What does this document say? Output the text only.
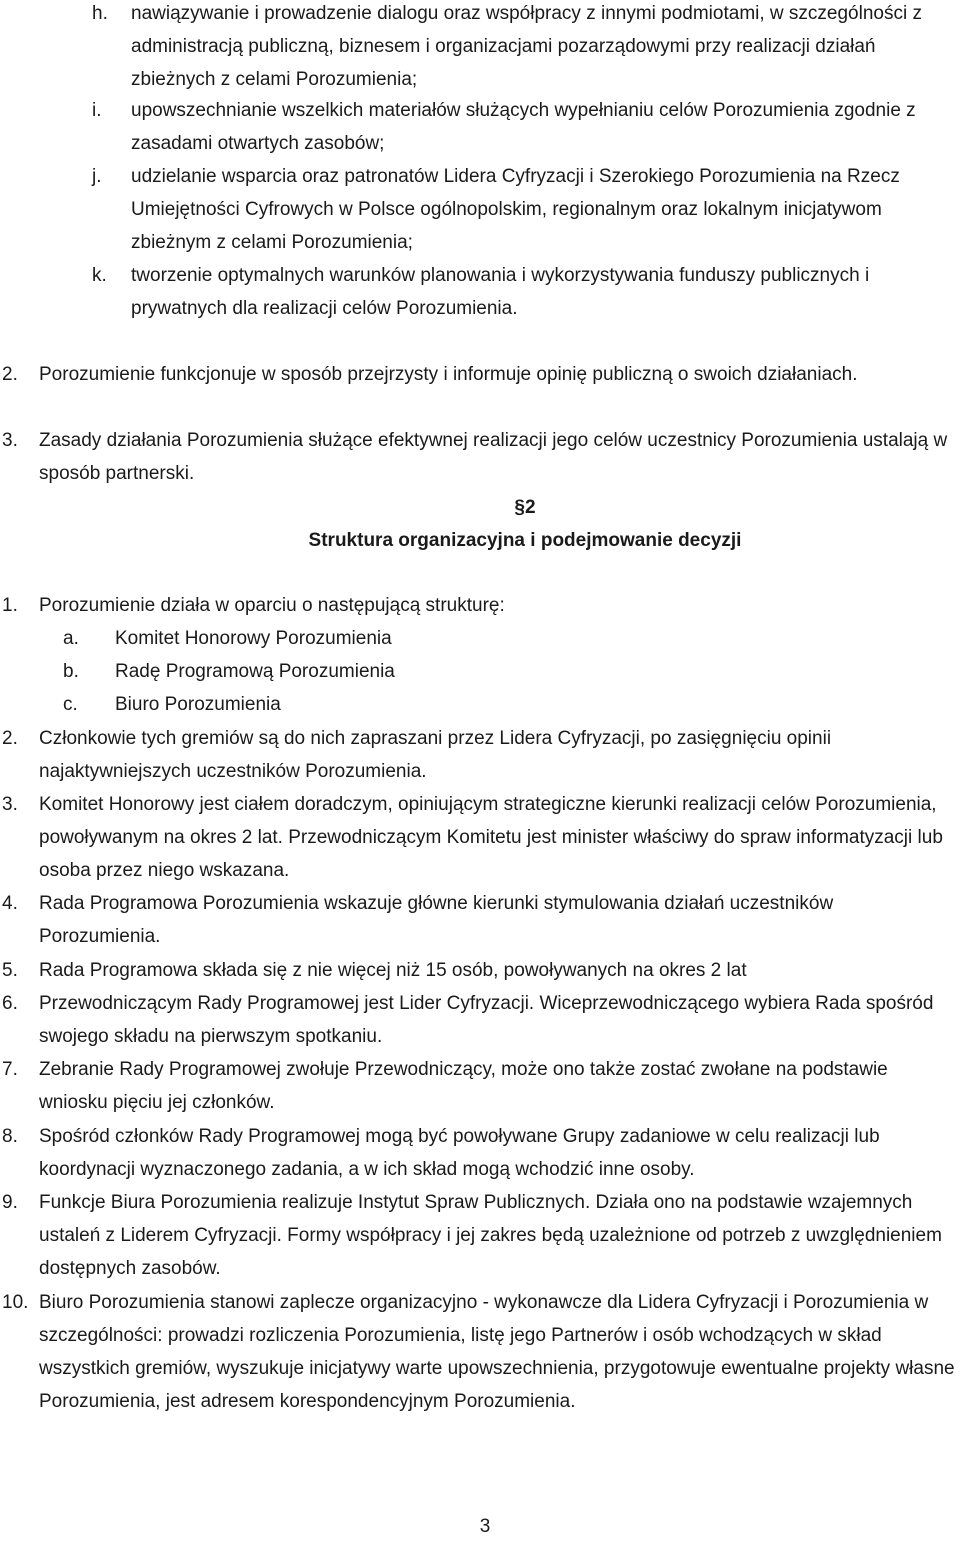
h.	nawiązywanie i prowadzenie dialogu oraz współpracy z innymi podmiotami, w szczególności z administracją publiczną, biznesem i organizacjami pozarządowymi przy realizacji działań zbieżnych z celami Porozumienia;
i.	upowszechnianie wszelkich materiałów służących wypełnianiu celów Porozumienia zgodnie z zasadami otwartych zasobów;
j.	udzielanie wsparcia oraz patronatów Lidera Cyfryzacji i Szerokiego Porozumienia na Rzecz Umiejętności Cyfrowych w Polsce ogólnopolskim, regionalnym oraz lokalnym inicjatywom zbieżnym z celami Porozumienia;
k.	tworzenie optymalnych warunków planowania i wykorzystywania funduszy publicznych i prywatnych dla realizacji celów Porozumienia.
2.	Porozumienie funkcjonuje w sposób przejrzysty i informuje opinię publiczną o swoich działaniach.
3.	Zasady działania Porozumienia służące efektywnej realizacji jego celów uczestnicy Porozumienia ustalają w sposób partnerski.
§2
Struktura organizacyjna i podejmowanie decyzji
1.	Porozumienie działa w oparciu o następującą strukturę:
a.	Komitet Honorowy Porozumienia
b.	Radę Programową Porozumienia
c.	Biuro Porozumienia
2.	Członkowie tych gremiów są do nich zapraszani przez Lidera Cyfryzacji, po zasięgnięciu opinii najaktywniejszych uczestników Porozumienia.
3.	Komitet Honorowy jest ciałem doradczym, opiniującym strategiczne kierunki realizacji celów Porozumienia, powoływanym na okres 2 lat. Przewodniczącym Komitetu jest minister właściwy do spraw informatyzacji lub osoba przez niego wskazana.
4.	Rada Programowa Porozumienia wskazuje główne kierunki stymulowania działań uczestników Porozumienia.
5.	Rada Programowa składa się z nie więcej niż 15 osób, powoływanych na okres 2 lat
6.	Przewodniczącym Rady Programowej jest Lider Cyfryzacji. Wiceprzewodniczącego wybiera Rada spośród swojego składu na pierwszym spotkaniu.
7.	Zebranie Rady Programowej zwołuje Przewodniczący, może ono także zostać zwołane na podstawie wniosku pięciu jej członków.
8.	Spośród członków Rady Programowej mogą być powoływane Grupy zadaniowe w celu realizacji lub koordynacji wyznaczonego zadania, a w ich skład mogą wchodzić inne osoby.
9.	Funkcje Biura Porozumienia realizuje Instytut Spraw Publicznych. Działa ono na podstawie wzajemnych ustaleń z Liderem Cyfryzacji. Formy współpracy i jej zakres będą uzależnione od potrzeb z uwzględnieniem dostępnych zasobów.
10. Biuro Porozumienia stanowi zaplecze organizacyjno - wykonawcze dla Lidera Cyfryzacji i Porozumienia w szczególności: prowadzi rozliczenia Porozumienia, listę jego Partnerów i osób wchodzących w skład wszystkich gremiów, wyszukuje inicjatywy warte upowszechnienia, przygotowuje ewentualne projekty własne Porozumienia, jest adresem korespondencyjnym Porozumienia.
3
